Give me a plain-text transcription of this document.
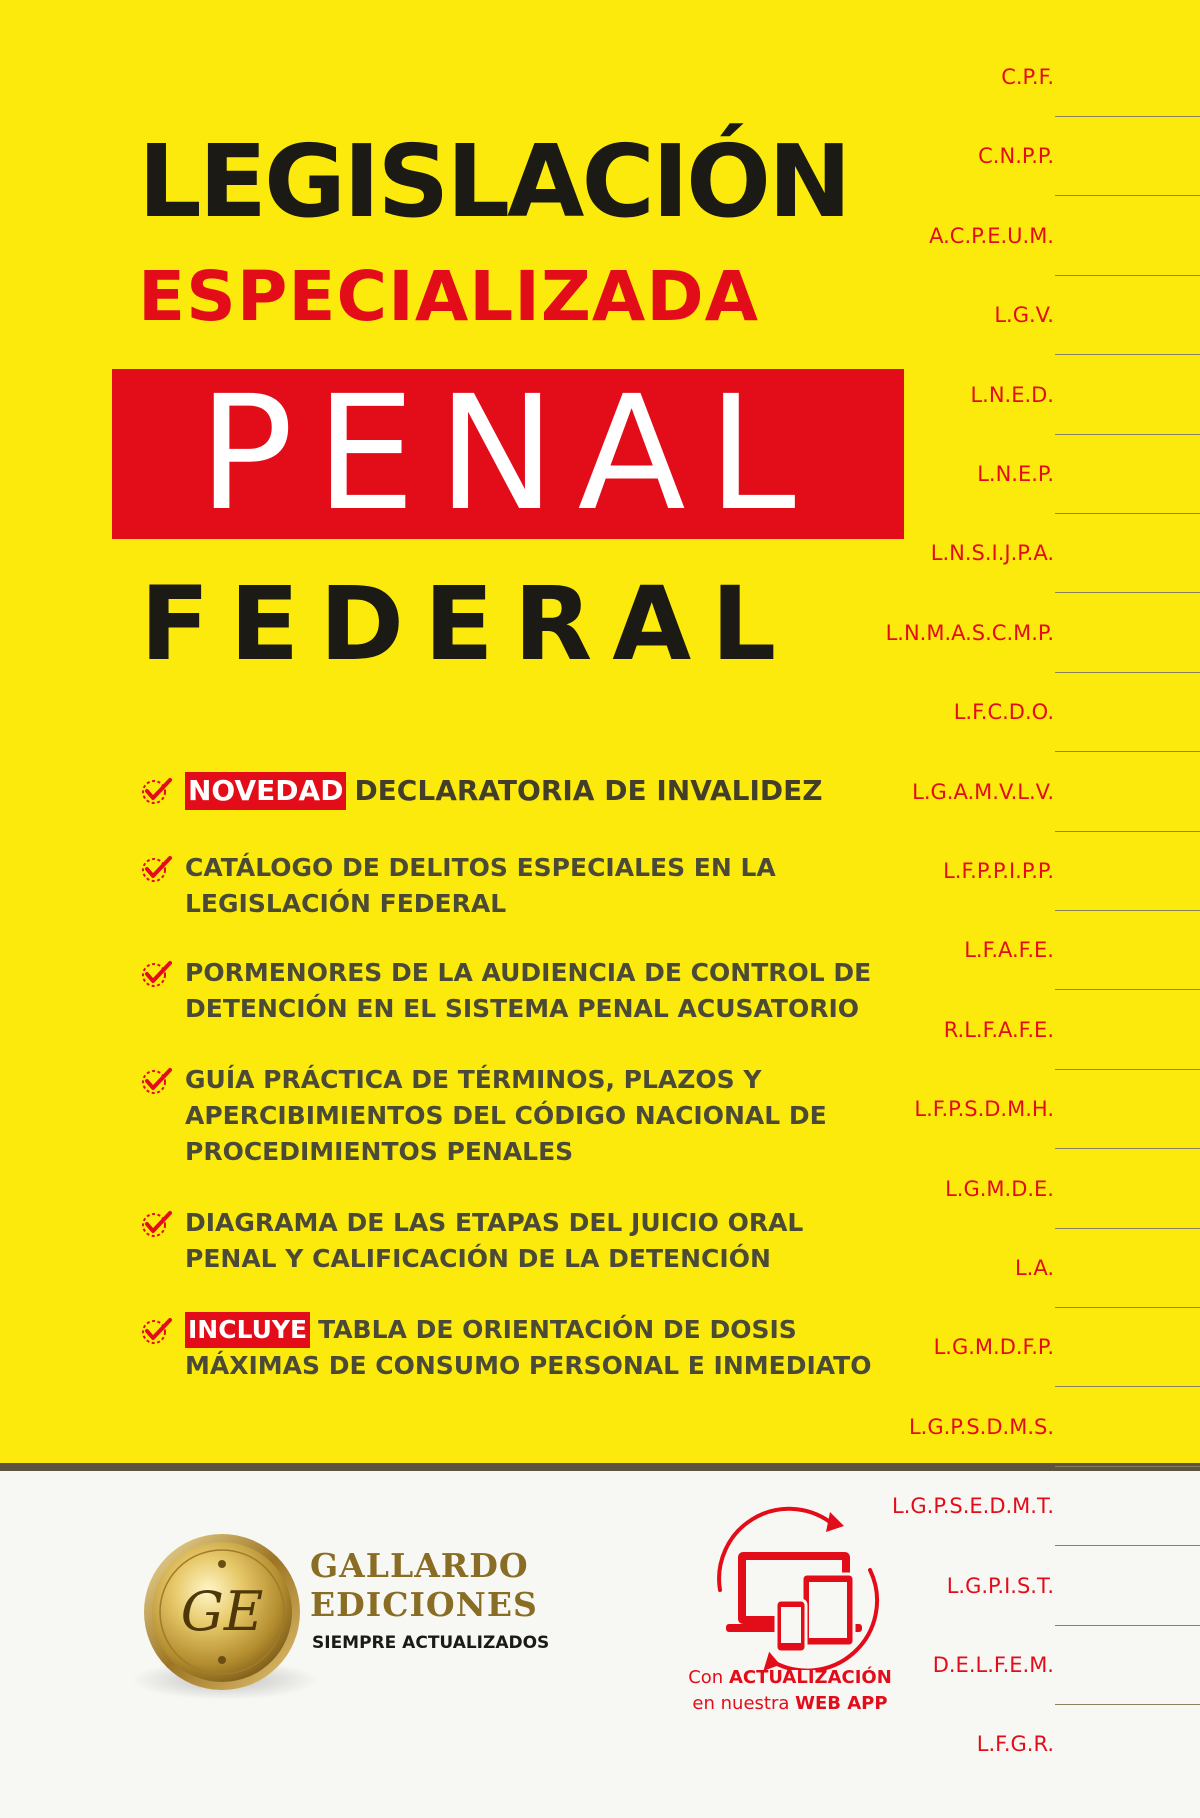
LEGISLACIÓN
ESPECIALIZADA
PENAL
FEDERAL
NOVEDAD DECLARATORIA DE INVALIDEZ
CATÁLOGO DE DELITOS ESPECIALES EN LA
LEGISLACIÓN FEDERAL
PORMENORES DE LA AUDIENCIA DE CONTROL DE
DETENCIÓN EN EL SISTEMA PENAL ACUSATORIO
GUÍA PRÁCTICA DE TÉRMINOS, PLAZOS Y
APERCIBIMIENTOS DEL CÓDIGO NACIONAL DE
PROCEDIMIENTOS PENALES
DIAGRAMA DE LAS ETAPAS DEL JUICIO ORAL
PENAL Y CALIFICACIÓN DE LA DETENCIÓN
INCLUYE TABLA DE ORIENTACIÓN DE DOSIS
MÁXIMAS DE CONSUMO PERSONAL E INMEDIATO
C.P.F.
C.N.P.P.
A.C.P.E.U.M.
L.G.V.
L.N.E.D.
L.N.E.P.
L.N.S.I.J.P.A.
L.N.M.A.S.C.M.P.
L.F.C.D.O.
L.G.A.M.V.L.V.
L.F.P.P.I.P.P.
L.F.A.F.E.
R.L.F.A.F.E.
L.F.P.S.D.M.H.
L.G.M.D.E.
L.A.
L.G.M.D.F.P.
L.G.P.S.D.M.S.
L.G.P.S.E.D.M.T.
L.G.P.I.S.T.
D.E.L.F.E.M.
L.F.G.R.
GE
GALLARDO
EDICIONES
SIEMPRE ACTUALIZADOS
Con ACTUALIZACIÓN
en nuestra WEB APP
